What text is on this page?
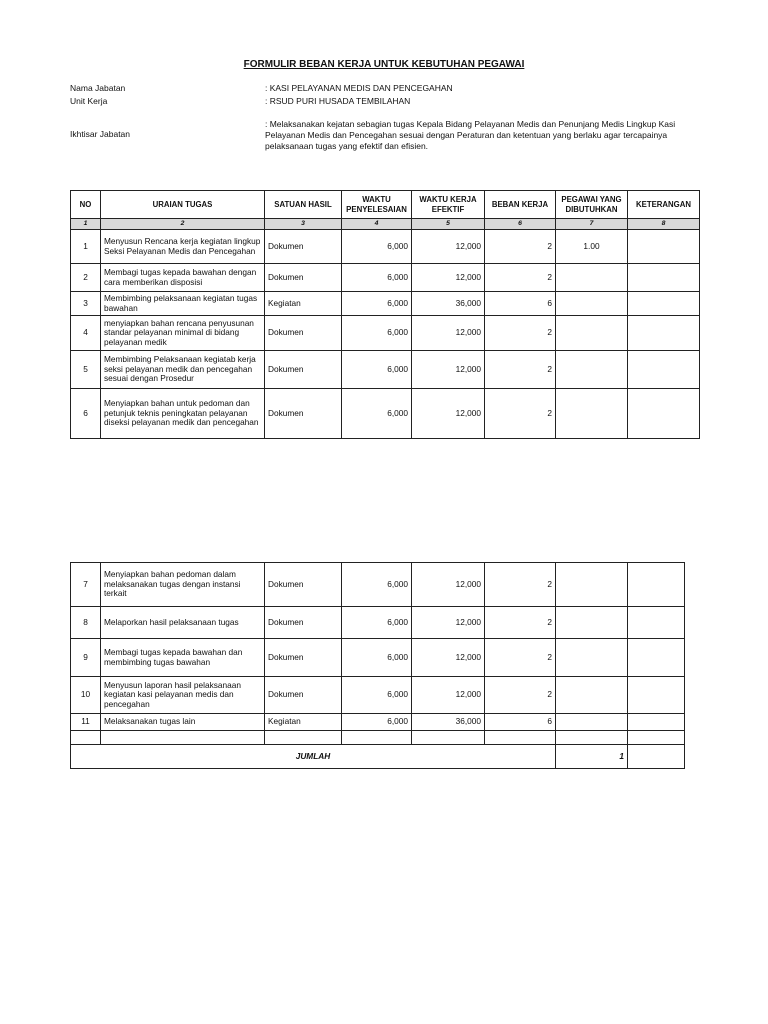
FORMULIR BEBAN KERJA UNTUK KEBUTUHAN PEGAWAI
Nama Jabatan	: KASI PELAYANAN MEDIS DAN PENCEGAHAN
Unit Kerja	: RSUD PURI HUSADA TEMBILAHAN
Ikhtisar Jabatan
: Melaksanakan kejatan sebagian tugas Kepala Bidang Pelayanan Medis dan Penunjang Medis Lingkup Kasi Pelayanan Medis dan Pencegahan sesuai dengan Peraturan dan ketentuan yang berlaku agar tercapainya pelaksanaan tugas yang efektif dan efisien.
NO	URAIAN TUGAS	SATUAN HASIL	WAKTU PENYELESAIAN	WAKTU KERJA EFEKTIF	BEBAN KERJA	PEGAWAI YANG DIBUTUHKAN	KETERANGAN
1	2	3	4	5	6	7	8
1	Menyusun Rencana kerja kegiatan lingkup Seksi Pelayanan Medis dan Pencegahan	Dokumen	6,000	12,000	2	1.00	
2	Membagi tugas kepada bawahan dengan cara memberikan disposisi	Dokumen	6,000	12,000	2		
3	Membimbing pelaksanaan kegiatan tugas bawahan	Kegiatan	6,000	36,000	6		
4	menyiapkan bahan rencana penyusunan standar pelayanan minimal di bidang pelayanan medik	Dokumen	6,000	12,000	2		
5	Membimbing Pelaksanaan kegiatab kerja seksi pelayanan medik dan pencegahan sesuai dengan Prosedur	Dokumen	6,000	12,000	2		
6	Menyiapkan bahan untuk pedoman dan petunjuk teknis peningkatan pelayanan diseksi pelayanan medik dan pencegahan	Dokumen	6,000	12,000	2		
7	Menyiapkan bahan pedoman dalam melaksanakan tugas dengan instansi terkait	Dokumen	6,000	12,000	2		
8	Melaporkan hasil pelaksanaan tugas	Dokumen	6,000	12,000	2		
9	Membagi tugas kepada bawahan dan membimbing tugas bawahan	Dokumen	6,000	12,000	2		
10	Menyusun laporan hasil pelaksanaan kegiatan kasi pelayanan medis dan pencegahan	Dokumen	6,000	12,000	2		
11	Melaksanakan tugas lain	Kegiatan	6,000	36,000	6		

JUMLAH						1	
